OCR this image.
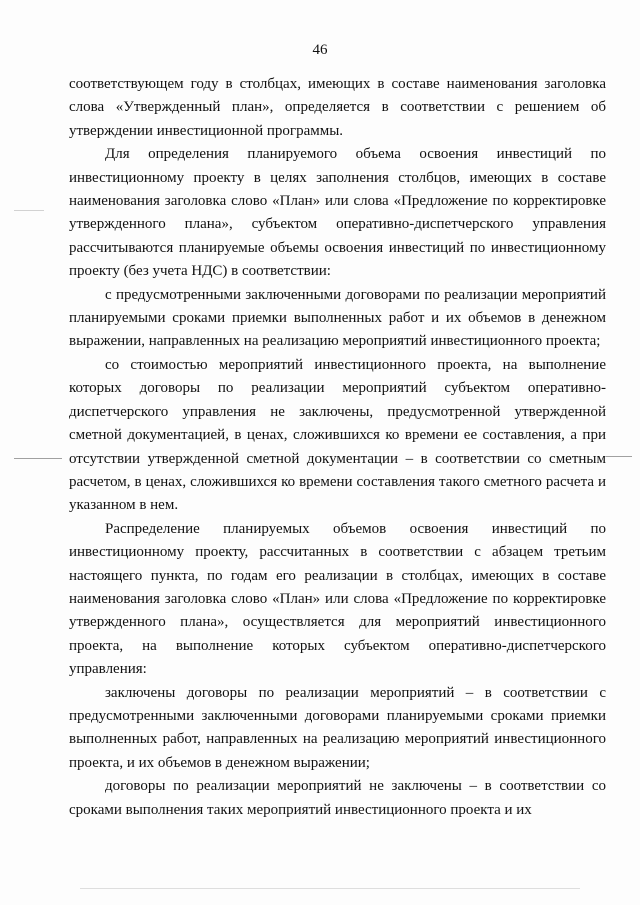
46

соответствующем году в столбцах, имеющих в составе наименования заголовка слова «Утвержденный план», определяется в соответствии с решением об утверждении инвестиционной программы.

Для определения планируемого объема освоения инвестиций по инвестиционному проекту в целях заполнения столбцов, имеющих в составе наименования заголовка слово «План» или слова «Предложение по корректировке утвержденного плана», субъектом оперативно-диспетчерского управления рассчитываются планируемые объемы освоения инвестиций по инвестиционному проекту (без учета НДС) в соответствии:

с предусмотренными заключенными договорами по реализации мероприятий планируемыми сроками приемки выполненных работ и их объемов в денежном выражении, направленных на реализацию мероприятий инвестиционного проекта;

со стоимостью мероприятий инвестиционного проекта, на выполнение которых договоры по реализации мероприятий субъектом оперативно-диспетчерского управления не заключены, предусмотренной утвержденной сметной документацией, в ценах, сложившихся ко времени ее составления, а при отсутствии утвержденной сметной документации – в соответствии со сметным расчетом, в ценах, сложившихся ко времени составления такого сметного расчета и указанном в нем.

Распределение планируемых объемов освоения инвестиций по инвестиционному проекту, рассчитанных в соответствии с абзацем третьим настоящего пункта, по годам его реализации в столбцах, имеющих в составе наименования заголовка слово «План» или слова «Предложение по корректировке утвержденного плана», осуществляется для мероприятий инвестиционного проекта, на выполнение которых субъектом оперативно-диспетчерского управления:

заключены договоры по реализации мероприятий – в соответствии с предусмотренными заключенными договорами планируемыми сроками приемки выполненных работ, направленных на реализацию мероприятий инвестиционного проекта, и их объемов в денежном выражении;

договоры по реализации мероприятий не заключены – в соответствии со сроками выполнения таких мероприятий инвестиционного проекта и их
